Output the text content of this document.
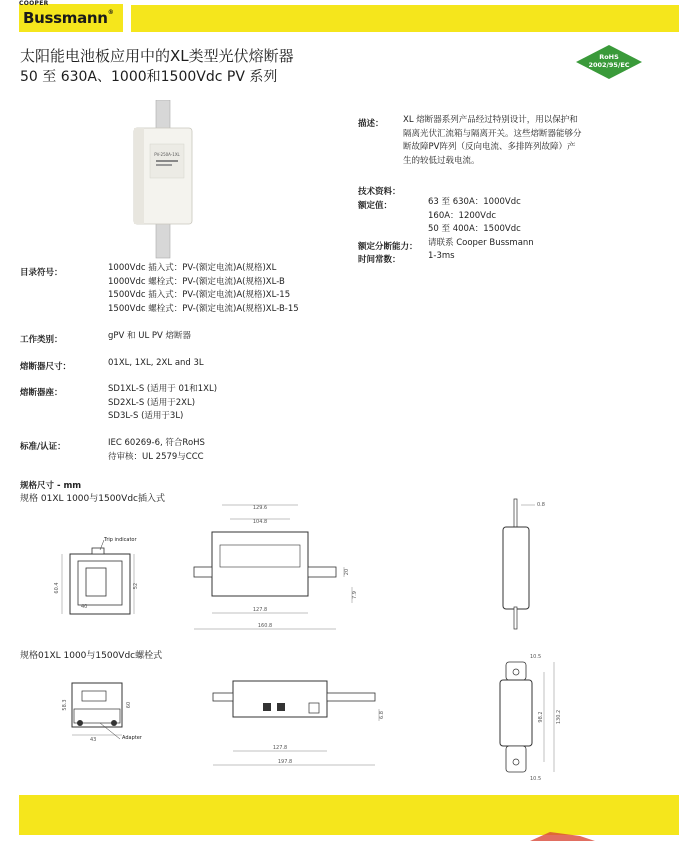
COOPER
Bussmann®
太阳能电池板应用中的XL类型光伏熔断器
50 至 630A、1000和1500Vdc PV 系列
RoHS
2002/95/EC
PV-250A-1XL
描述： XL 熔断器系列产品经过特别设计，用以保护和
隔离光伏汇流箱与隔离开关。这些熔断器能够分
断故障PV阵列（反向电流、多排阵列故障）产
生的较低过载电流。
技术资料：
额定值：	63 至 630A：1000Vdc
160A：1200Vdc
50 至 400A：1500Vdc
额定分断能力： 请联系 Cooper Bussmann
时间常数：	1-3ms
目录符号：	1000Vdc 插入式：PV-(额定电流)A(规格)XL
1000Vdc 螺栓式：PV-(额定电流)A(规格)XL-B
1500Vdc 插入式：PV-(额定电流)A(规格)XL-15
1500Vdc 螺栓式：PV-(额定电流)A(规格)XL-B-15
工作类别：	gPV 和 UL PV 熔断器
熔断器尺寸：	01XL, 1XL, 2XL and 3L
熔断器座：	SD1XL-S (适用于 01和1XL)
SD2XL-S (适用于2XL)
SD3L-S (适用于3L)
标准/认证：	IEC 60269-6, 符合RoHS
待审核：UL 2579与CCC
规格尺寸 - mm
规格 01XL 1000与1500Vdc插入式
规格01XL 1000与1500Vdc螺栓式
Trip indicator
60.4	52
40
129.6
104.8
127.8
160.8
20
7.9
0.8
43
58.3	60
Adapter
127.8
197.8
6.8
10.5
98.2 130.2
10.5
